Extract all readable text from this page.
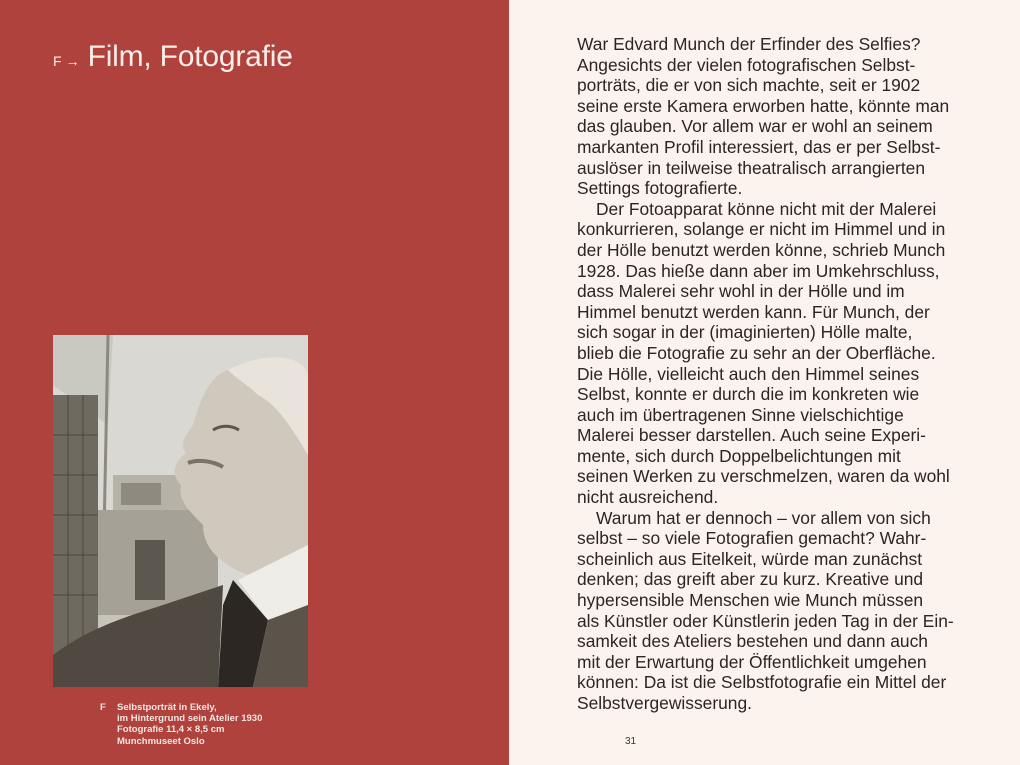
F → Film, Fotografie
F	Selbstporträt in Ekely,
im Hintergrund sein Atelier 1930
Fotografie 11,4 × 8,5 cm
Munchmuseet Oslo

War Edvard Munch der Erfinder des Selfies?
Angesichts der vielen fotografischen Selbst-
porträts, die er von sich machte, seit er 1902
seine erste Kamera erworben hatte, könnte man
das glauben. Vor allem war er wohl an seinem
markanten Profil interessiert, das er per Selbst-
auslöser in teilweise theatralisch arrangierten
Settings fotografierte.

Der Fotoapparat könne nicht mit der Malerei
konkurrieren, solange er nicht im Himmel und in
der Hölle benutzt werden könne, schrieb Munch
1928. Das hieße dann aber im Umkehrschluss,
dass Malerei sehr wohl in der Hölle und im
Himmel benutzt werden kann. Für Munch, der
sich sogar in der (imaginierten) Hölle malte,
blieb die Fotografie zu sehr an der Oberfläche.
Die Hölle, vielleicht auch den Himmel seines
Selbst, konnte er durch die im konkreten wie
auch im übertragenen Sinne vielschichtige
Malerei besser darstellen. Auch seine Experi-
mente, sich durch Doppelbelichtungen mit
seinen Werken zu verschmelzen, waren da wohl
nicht ausreichend.

Warum hat er dennoch – vor allem von sich
selbst – so viele Fotografien gemacht? Wahr-
scheinlich aus Eitelkeit, würde man zunächst
denken; das greift aber zu kurz. Kreative und
hypersensible Menschen wie Munch müssen
als Künstler oder Künstlerin jeden Tag in der Ein-
samkeit des Ateliers bestehen und dann auch
mit der Erwartung der Öffentlichkeit umgehen
können: Da ist die Selbstfotografie ein Mittel der
Selbstvergewisserung.

31
